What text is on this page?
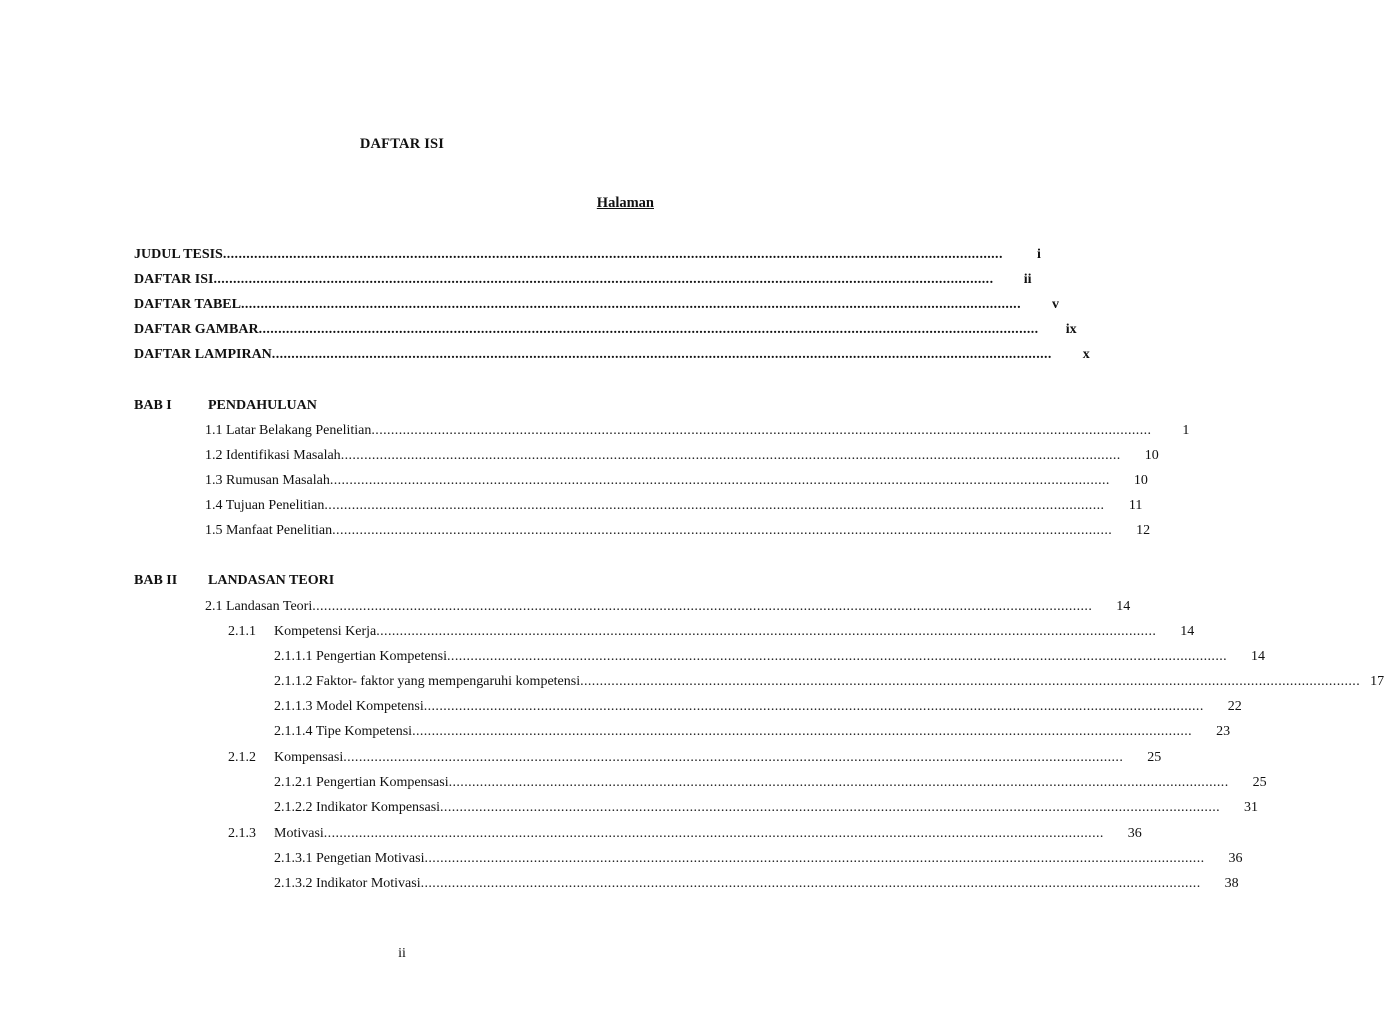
DAFTAR ISI
Halaman
JUDUL TESIS ........................................................................................................................................................................................................	i
DAFTAR ISI ........................................................................................................................................................................................................	ii
DAFTAR TABEL ........................................................................................................................................................................................................	v
DAFTAR GAMBAR ........................................................................................................................................................................................................	ix
DAFTAR LAMPIRAN ........................................................................................................................................................................................................	x
BAB I	PENDAHULUAN
1.1 Latar Belakang Penelitian ........................................................................................................................................................................................................	1
1.2 Identifikasi Masalah ........................................................................................................................................................................................................ 10
1.3 Rumusan Masalah ........................................................................................................................................................................................................ 10
1.4 Tujuan Penelitian ........................................................................................................................................................................................................ 11
1.5 Manfaat Penelitian ........................................................................................................................................................................................................ 12
BAB II LANDASAN TEORI
2.1 Landasan Teori ........................................................................................................................................................................................................ 14
2.1.1 Kompetensi Kerja ........................................................................................................................................................................................................ 14
2.1.1.1 Pengertian Kompetensi ........................................................................................................................................................................................................ 14
2.1.1.2 Faktor- faktor yang mempengaruhi kompetensi ........................................................................................................................................................................................................ 17
2.1.1.3 Model Kompetensi ........................................................................................................................................................................................................ 22
2.1.1.4 Tipe Kompetensi ........................................................................................................................................................................................................ 23
2.1.2 Kompensasi ........................................................................................................................................................................................................ 25
2.1.2.1 Pengertian Kompensasi ........................................................................................................................................................................................................ 25
2.1.2.2 Indikator Kompensasi ........................................................................................................................................................................................................ 31
2.1.3 Motivasi ........................................................................................................................................................................................................ 36
2.1.3.1 Pengetian Motivasi ........................................................................................................................................................................................................ 36
2.1.3.2 Indikator Motivasi ........................................................................................................................................................................................................ 38
ii
